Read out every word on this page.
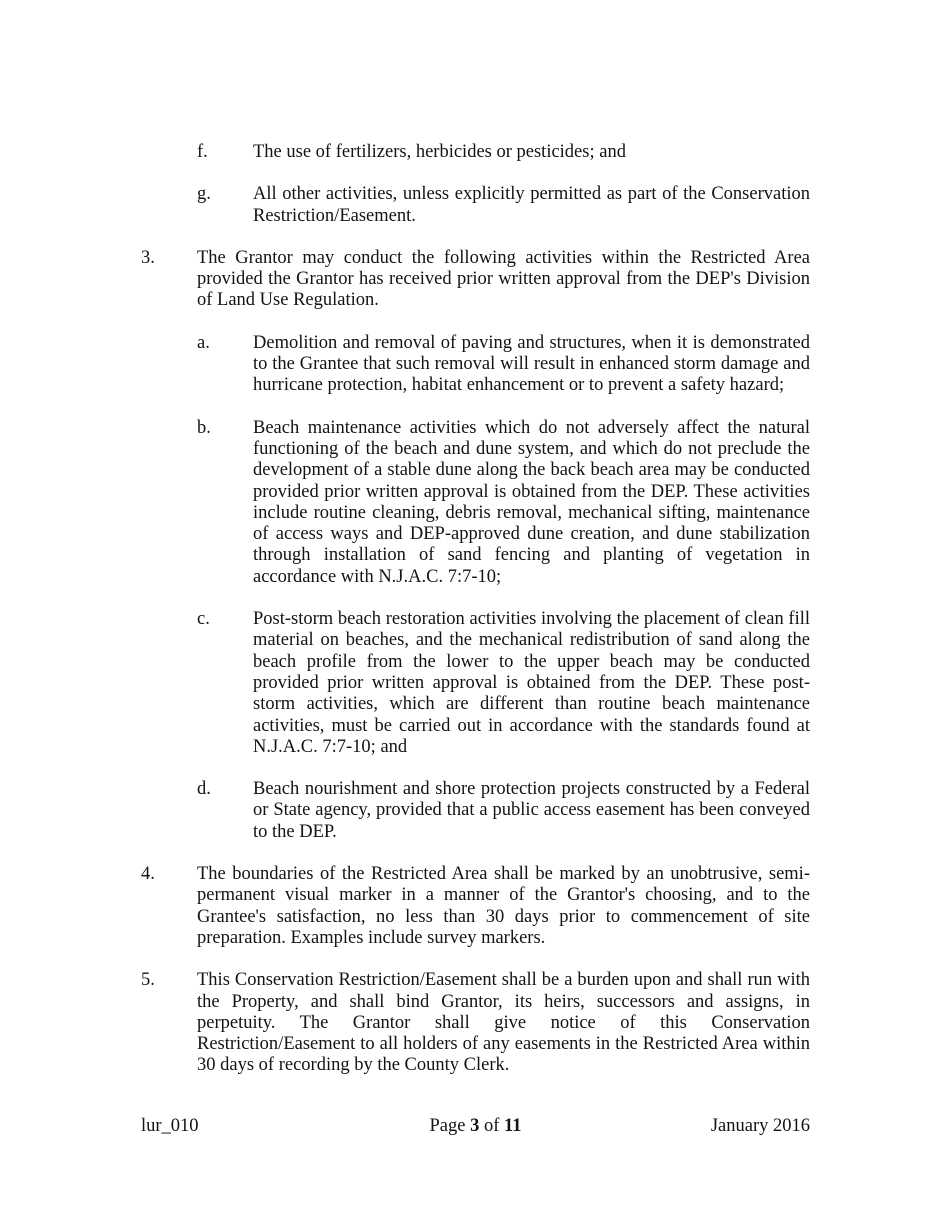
f.	The use of fertilizers, herbicides or pesticides; and
g.	All other activities, unless explicitly permitted as part of the Conservation Restriction/Easement.
3.	The Grantor may conduct the following activities within the Restricted Area provided the Grantor has received prior written approval from the DEP's Division of Land Use Regulation.
a.	Demolition and removal of paving and structures, when it is demonstrated to the Grantee that such removal will result in enhanced storm damage and hurricane protection, habitat enhancement or to prevent a safety hazard;
b.	Beach maintenance activities which do not adversely affect the natural functioning of the beach and dune system, and which do not preclude the development of a stable dune along the back beach area may be conducted provided prior written approval is obtained from the DEP. These activities include routine cleaning, debris removal, mechanical sifting, maintenance of access ways and DEP-approved dune creation, and dune stabilization through installation of sand fencing and planting of vegetation in accordance with N.J.A.C. 7:7-10;
c.	Post-storm beach restoration activities involving the placement of clean fill material on beaches, and the mechanical redistribution of sand along the beach profile from the lower to the upper beach may be conducted provided prior written approval is obtained from the DEP. These post-storm activities, which are different than routine beach maintenance activities, must be carried out in accordance with the standards found at N.J.A.C. 7:7-10; and
d.	Beach nourishment and shore protection projects constructed by a Federal or State agency, provided that a public access easement has been conveyed to the DEP.
4.	The boundaries of the Restricted Area shall be marked by an unobtrusive, semi-permanent visual marker in a manner of the Grantor's choosing, and to the Grantee's satisfaction, no less than 30 days prior to commencement of site preparation. Examples include survey markers.
5.	This Conservation Restriction/Easement shall be a burden upon and shall run with the Property, and shall bind Grantor, its heirs, successors and assigns, in perpetuity. The Grantor shall give notice of this Conservation Restriction/Easement to all holders of any easements in the Restricted Area within 30 days of recording by the County Clerk.
lur_010	Page 3 of 11	January 2016
